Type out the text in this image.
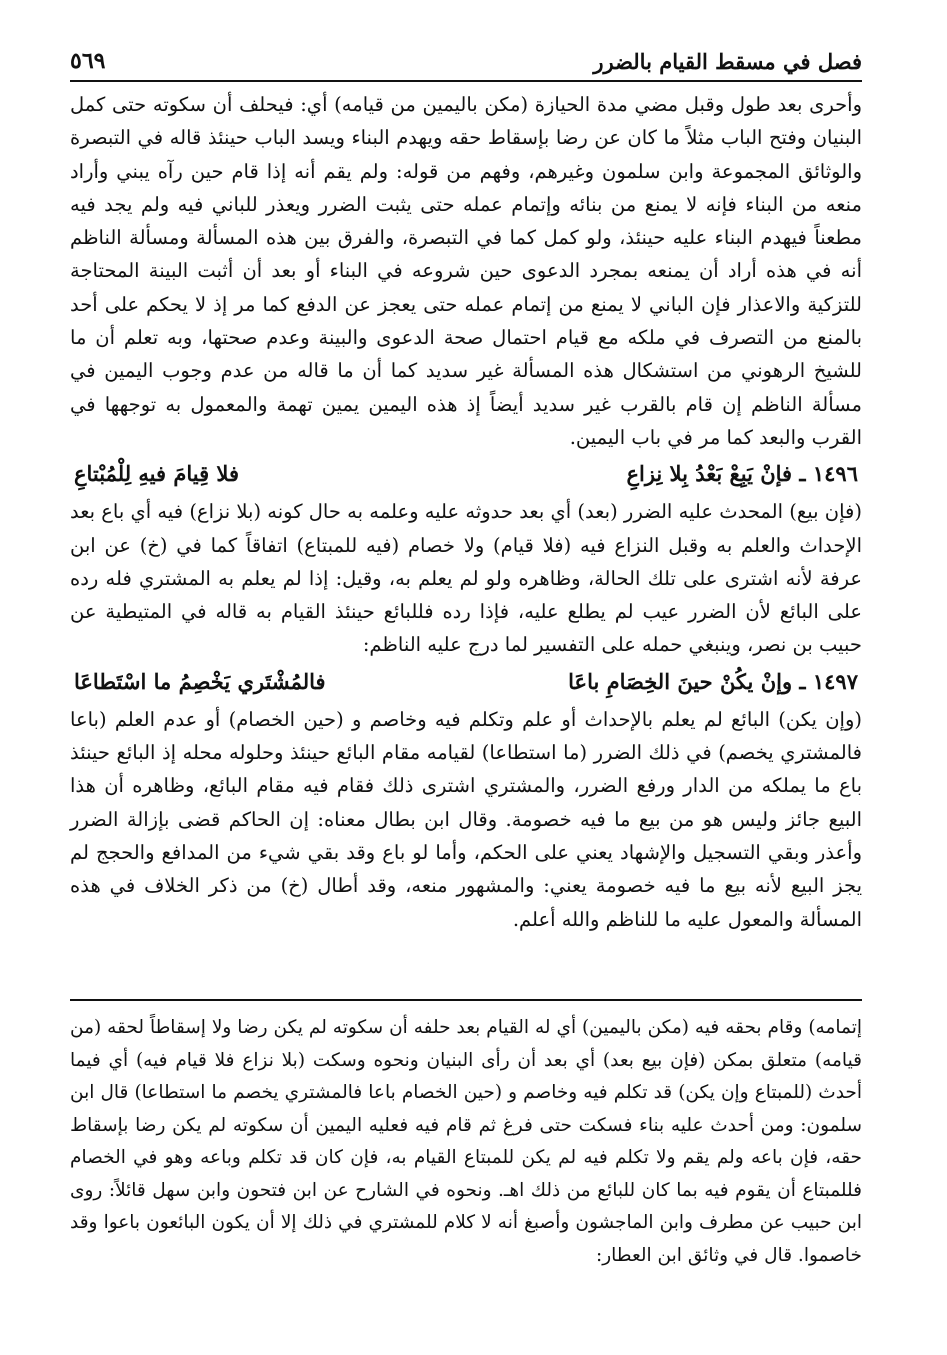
فصل في مسقط القيام بالضرر
٥٦٩

وأحرى بعد طول وقبل مضي مدة الحيازة (مكن باليمين من قيامه) أي: فيحلف أن سكوته حتى كمل البنيان وفتح الباب مثلاً ما كان عن رضا بإسقاط حقه ويهدم البناء ويسد الباب حينئذ قاله في التبصرة والوثائق المجموعة وابن سلمون وغيرهم، وفهم من قوله: ولم يقم أنه إذا قام حين رآه يبني وأراد منعه من البناء فإنه لا يمنع من بنائه وإتمام عمله حتى يثبت الضرر ويعذر للباني فيه ولم يجد فيه مطعناً فيهدم البناء عليه حينئذ، ولو كمل كما في التبصرة، والفرق بين هذه المسألة ومسألة الناظم أنه في هذه أراد أن يمنعه بمجرد الدعوى حين شروعه في البناء أو بعد أن أثبت البينة المحتاجة للتزكية والاعذار فإن الباني لا يمنع من إتمام عمله حتى يعجز عن الدفع كما مر إذ لا يحكم على أحد بالمنع من التصرف في ملكه مع قيام احتمال صحة الدعوى والبينة وعدم صحتها، وبه تعلم أن ما للشيخ الرهوني من استشكال هذه المسألة غير سديد كما أن ما قاله من عدم وجوب اليمين في مسألة الناظم إن قام بالقرب غير سديد أيضاً إذ هذه اليمين يمين تهمة والمعمول به توجهها في القرب والبعد كما مر في باب اليمين.

١٤٩٦ ـ فإنْ يَبِعْ بَعْدُ بِلا نِزاعِ
فلا قِيامَ فيهِ لِلْمُبْتاعِ

(فإن بيع) المحدث عليه الضرر (بعد) أي بعد حدوثه عليه وعلمه به حال كونه (بلا نزاع) فيه أي باع بعد الإحداث والعلم به وقبل النزاع فيه (فلا قيام) ولا خصام (فيه للمبتاع) اتفاقاً كما في (خ) عن ابن عرفة لأنه اشترى على تلك الحالة، وظاهره ولو لم يعلم به، وقيل: إذا لم يعلم به المشتري فله رده على البائع لأن الضرر عيب لم يطلع عليه، فإذا رده فللبائع حينئذ القيام به قاله في المتيطية عن حبيب بن نصر، وينبغي حمله على التفسير لما درج عليه الناظم:

١٤٩٧ ـ وإنْ يكُنْ حينَ الخِصَامِ باعَا
فالمُشْتَري يَخْصِمُ ما اسْتَطاعَا

(وإن يكن) البائع لم يعلم بالإحداث أو علم وتكلم فيه وخاصم و (حين الخصام) أو عدم العلم (باعا فالمشتري يخصم) في ذلك الضرر (ما استطاعا) لقيامه مقام البائع حينئذ وحلوله محله إذ البائع حينئذ باع ما يملكه من الدار ورفع الضرر، والمشتري اشترى ذلك فقام فيه مقام البائع، وظاهره أن هذا البيع جائز وليس هو من بيع ما فيه خصومة. وقال ابن بطال معناه: إن الحاكم قضى بإزالة الضرر وأعذر وبقي التسجيل والإشهاد يعني على الحكم، وأما لو باع وقد بقي شيء من المدافع والحجج لم يجز البيع لأنه بيع ما فيه خصومة يعني: والمشهور منعه، وقد أطال (خ) من ذكر الخلاف في هذه المسألة والمعول عليه ما للناظم والله أعلم.

إتمامه) وقام بحقه فيه (مكن باليمين) أي له القيام بعد حلفه أن سكوته لم يكن رضا ولا إسقاطاً لحقه (من قيامه) متعلق بمكن (فإن بيع بعد) أي بعد أن رأى البنيان ونحوه وسكت (بلا نزاع فلا قيام فيه) أي فيما أحدث (للمبتاع وإن يكن) قد تكلم فيه وخاصم و (حين الخصام باعا فالمشتري يخصم ما استطاعا) قال ابن سلمون: ومن أحدث عليه بناء فسكت حتى فرغ ثم قام فيه فعليه اليمين أن سكوته لم يكن رضا بإسقاط حقه، فإن باعه ولم يقم ولا تكلم فيه لم يكن للمبتاع القيام به، فإن كان قد تكلم وباعه وهو في الخصام فللمبتاع أن يقوم فيه بما كان للبائع من ذلك اهـ. ونحوه في الشارح عن ابن فتحون وابن سهل قائلاً: روى ابن حبيب عن مطرف وابن الماجشون وأصبغ أنه لا كلام للمشتري في ذلك إلا أن يكون البائعون باعوا وقد خاصموا. قال في وثائق ابن العطار:
